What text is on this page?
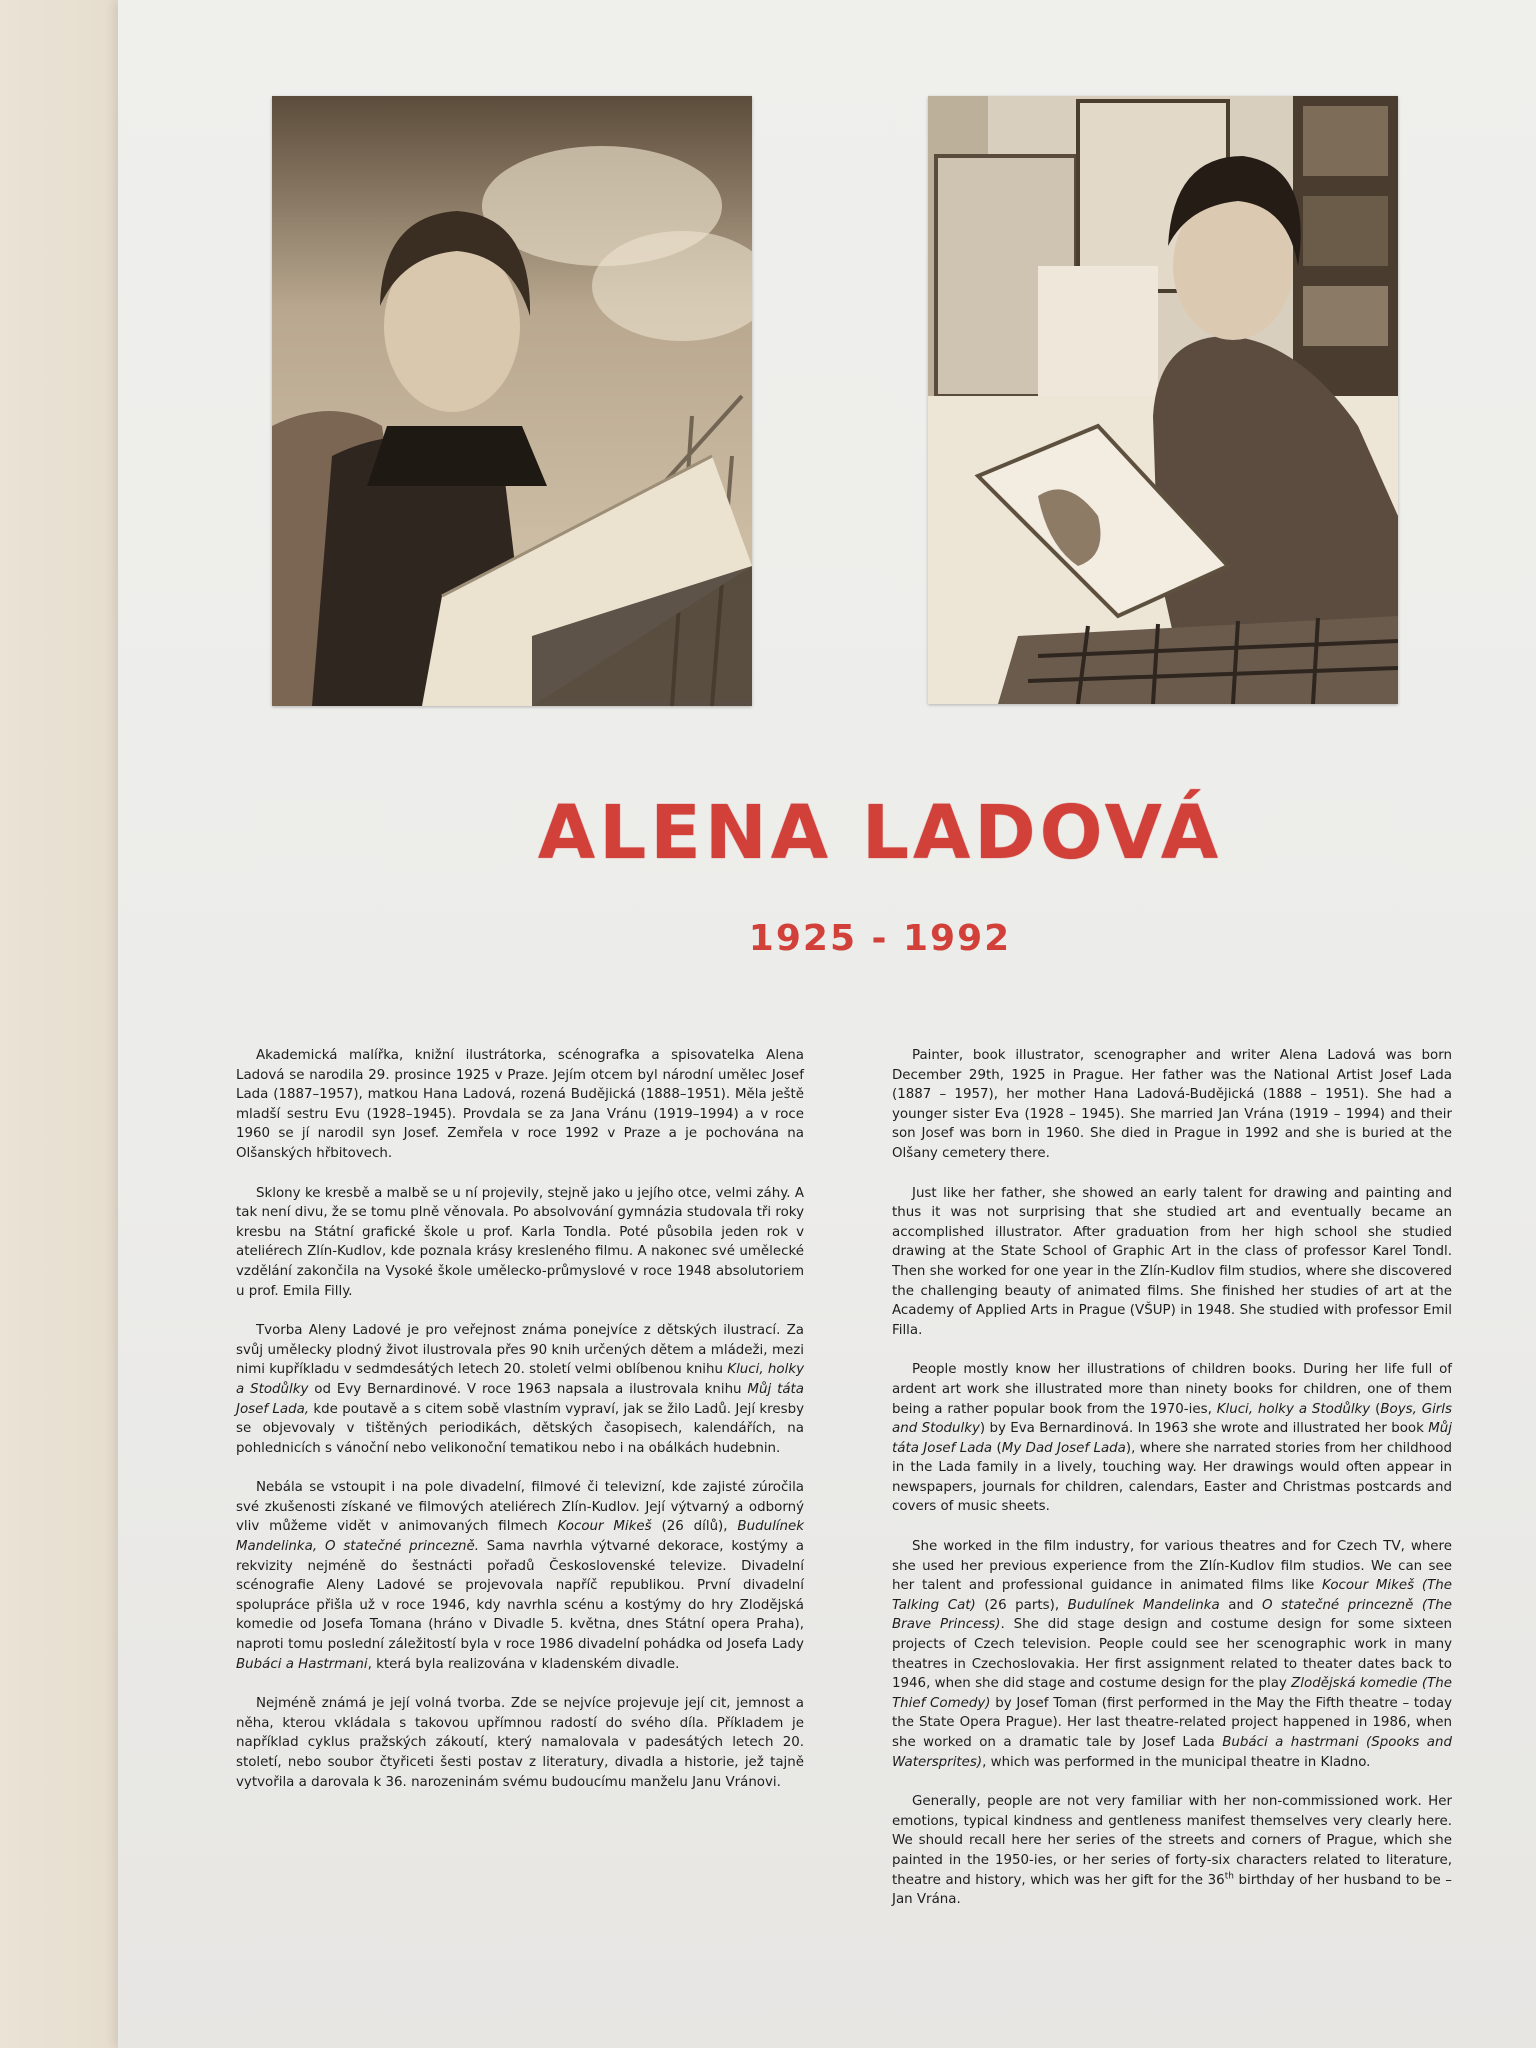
ALENA LADOVÁ
1925 - 1992

Akademická malířka, knižní ilustrátorka, scénografka a spisovatelka Alena Ladová se narodila 29. prosince 1925 v Praze. Jejím otcem byl národní umělec Josef Lada (1887–1957), matkou Hana Ladová, rozená Budějická (1888–1951). Měla ještě mladší sestru Evu (1928–1945). Provdala se za Jana Vránu (1919–1994) a v roce 1960 se jí narodil syn Josef. Zemřela v roce 1992 v Praze a je pochována na Olšanských hřbitovech.

Sklony ke kresbě a malbě se u ní projevily, stejně jako u jejího otce, velmi záhy. A tak není divu, že se tomu plně věnovala. Po absolvování gymnázia studovala tři roky kresbu na Státní grafické škole u prof. Karla Tondla. Poté působila jeden rok v ateliérech Zlín-Kudlov, kde poznala krásy kresleného filmu. A nakonec své umělecké vzdělání zakončila na Vysoké škole umělecko-průmyslové v roce 1948 absolutoriem u prof. Emila Filly.

Tvorba Aleny Ladové je pro veřejnost známa ponejvíce z dětských ilustrací. Za svůj umělecky plodný život ilustrovala přes 90 knih určených dětem a mládeži, mezi nimi kupříkladu v sedmdesátých letech 20. století velmi oblíbenou knihu Kluci, holky a Stodůlky od Evy Bernardinové. V roce 1963 napsala a ilustrovala knihu Můj táta Josef Lada, kde poutavě a s citem sobě vlastním vypraví, jak se žilo Ladů. Její kresby se objevovaly v tištěných periodikách, dětských časopisech, kalendářích, na pohlednicích s vánoční nebo velikonoční tematikou nebo i na obálkách hudebnin.

Nebála se vstoupit i na pole divadelní, filmové či televizní, kde zajisté zúročila své zkušenosti získané ve filmových ateliérech Zlín-Kudlov. Její výtvarný a odborný vliv můžeme vidět v animovaných filmech Kocour Mikeš (26 dílů), Budulínek Mandelinka, O statečné princezně. Sama navrhla výtvarné dekorace, kostýmy a rekvizity nejméně do šestnácti pořadů Československé televize. Divadelní scénografie Aleny Ladové se projevovala napříč republikou. První divadelní spolupráce přišla už v roce 1946, kdy navrhla scénu a kostýmy do hry Zlodějská komedie od Josefa Tomana (hráno v Divadle 5. května, dnes Státní opera Praha), naproti tomu poslední záležitostí byla v roce 1986 divadelní pohádka od Josefa Lady Bubáci a Hastrmani, která byla realizována v kladenském divadle.

Nejméně známá je její volná tvorba. Zde se nejvíce projevuje její cit, jemnost a něha, kterou vkládala s takovou upřímnou radostí do svého díla. Příkladem je například cyklus pražských zákoutí, který namalovala v padesátých letech 20. století, nebo soubor čtyřiceti šesti postav z literatury, divadla a historie, jež tajně vytvořila a darovala k 36. narozeninám svému budoucímu manželu Janu Vránovi.

Painter, book illustrator, scenographer and writer Alena Ladová was born December 29th, 1925 in Prague. Her father was the National Artist Josef Lada (1887 – 1957), her mother Hana Ladová-Budějická (1888 – 1951). She had a younger sister Eva (1928 – 1945). She married Jan Vrána (1919 – 1994) and their son Josef was born in 1960. She died in Prague in 1992 and she is buried at the Olšany cemetery there.

Just like her father, she showed an early talent for drawing and painting and thus it was not surprising that she studied art and eventually became an accomplished illustrator. After graduation from her high school she studied drawing at the State School of Graphic Art in the class of professor Karel Tondl. Then she worked for one year in the Zlín-Kudlov film studios, where she discovered the challenging beauty of animated films. She finished her studies of art at the Academy of Applied Arts in Prague (VŠUP) in 1948. She studied with professor Emil Filla.

People mostly know her illustrations of children books. During her life full of ardent art work she illustrated more than ninety books for children, one of them being a rather popular book from the 1970-ies, Kluci, holky a Stodůlky (Boys, Girls and Stodulky) by Eva Bernardinová. In 1963 she wrote and illustrated her book Můj táta Josef Lada (My Dad Josef Lada), where she narrated stories from her childhood in the Lada family in a lively, touching way. Her drawings would often appear in newspapers, journals for children, calendars, Easter and Christmas postcards and covers of music sheets.

She worked in the film industry, for various theatres and for Czech TV, where she used her previous experience from the Zlín-Kudlov film studios. We can see her talent and professional guidance in animated films like Kocour Mikeš (The Talking Cat) (26 parts), Budulínek Mandelinka and O statečné princezně (The Brave Princess). She did stage design and costume design for some sixteen projects of Czech television. People could see her scenographic work in many theatres in Czechoslovakia. Her first assignment related to theater dates back to 1946, when she did stage and costume design for the play Zlodějská komedie (The Thief Comedy) by Josef Toman (first performed in the May the Fifth theatre – today the State Opera Prague). Her last theatre-related project happened in 1986, when she worked on a dramatic tale by Josef Lada Bubáci a hastrmani (Spooks and Watersprites), which was performed in the municipal theatre in Kladno.

Generally, people are not very familiar with her non-commissioned work. Her emotions, typical kindness and gentleness manifest themselves very clearly here. We should recall here her series of the streets and corners of Prague, which she painted in the 1950-ies, or her series of forty-six characters related to literature, theatre and history, which was her gift for the 36th birthday of her husband to be – Jan Vrána.
